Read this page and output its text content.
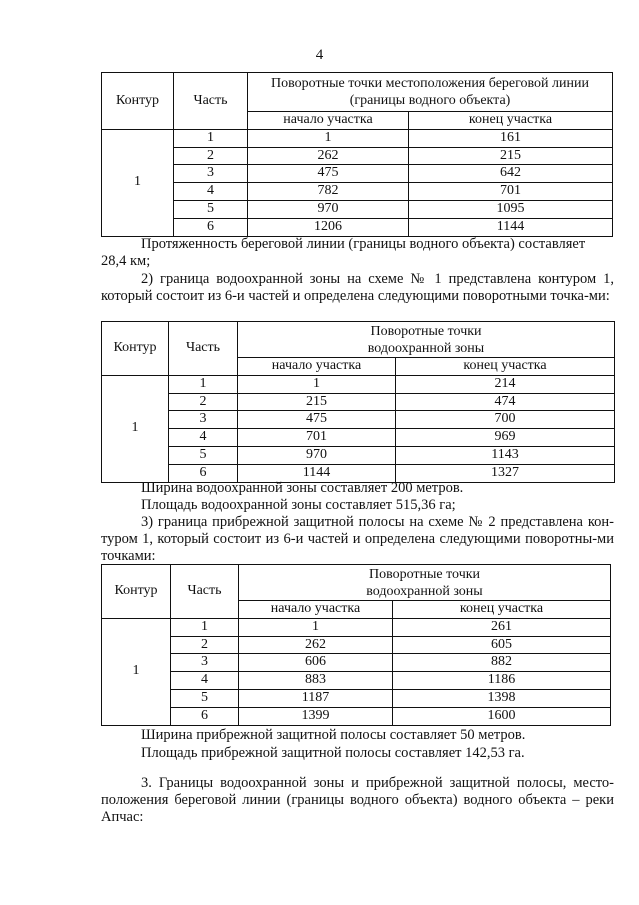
4
Контур	Часть	Поворотные точки местоположения береговой линии (границы водного объекта)	
		начало участка	конец участка
1	1	1	161
	2	262	215
	3	475	642
	4	782	701
	5	970	1095
	6	1206	1144
Протяженность береговой линии (границы водного объекта) составляет
28,4 км;
2) граница водоохранной зоны на схеме № 1 представлена контуром 1, который состоит из 6-и частей и определена следующими поворотными точка-ми:
Контур	Часть	Поворотные точки
водоохранной зоны	

		начало участка	конец участка
1	1	1	214
	2	215	474
	3	475	700
	4	701	969
	5	970	1143
	6	1144	1327
Ширина водоохранной зоны составляет 200 метров.
Площадь водоохранной зоны составляет 515,36 га;
3) граница прибрежной защитной полосы на схеме № 2 представлена кон-туром 1, который состоит из 6-и частей и определена следующими поворотны-ми точками:
Контур	Часть	Поворотные точки
водоохранной зоны	

		начало участка	конец участка
1	1	1	261
	2	262	605
	3	606	882
	4	883	1186
	5	1187	1398
	6	1399	1600
Ширина прибрежной защитной полосы составляет 50 метров.
Площадь прибрежной защитной полосы составляет 142,53 га.
3. Границы водоохранной зоны и прибрежной защитной полосы, место-положения береговой линии (границы водного объекта) водного объекта – реки Апчас:
